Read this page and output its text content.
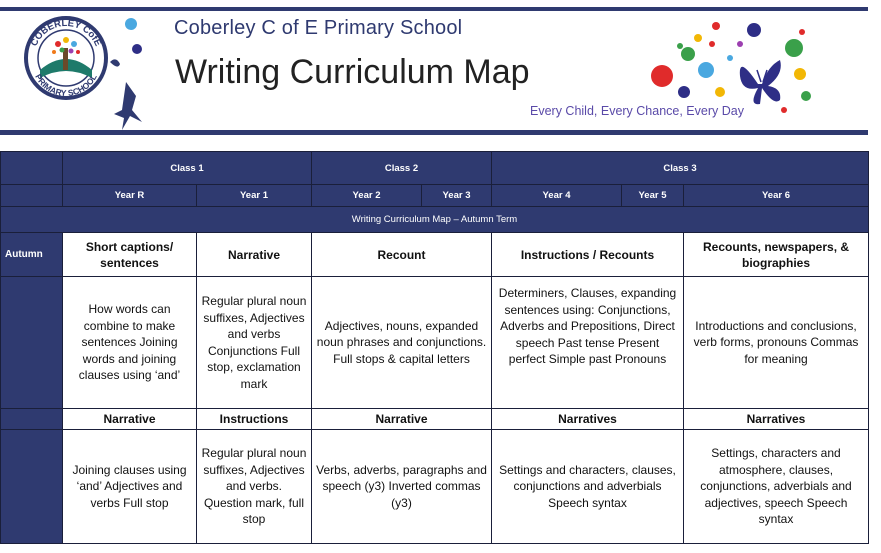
COBERLEY CofE
PRIMARY SCHOOL
Coberley C of E Primary School
Writing Curriculum Map
Every Child, Every Chance, Every Day
	Class 1		Class 2		Class 3		
	Year R	Year 1	Year 2	Year 3	Year 4	Year 5	Year 6
Writing Curriculum Map – Autumn Term							
Autumn	Short captions/ sentences	Narrative	Recount		Instructions / Recounts		Recounts, newspapers, & biographies
	How words can combine to make sentences Joining words and joining clauses using ‘and’	Regular plural noun suffixes, Adjectives and verbs Conjunctions Full stop, exclamation mark	Adjectives, nouns, expanded noun phrases and conjunctions. Full stops & capital letters		Determiners, Clauses, expanding sentences using: Conjunctions, Adverbs and Prepositions, Direct speech Past tense Present perfect Simple past Pronouns		Introductions and conclusions, verb forms, pronouns Commas for meaning
	Narrative	Instructions	Narrative		Narratives		Narratives
	Joining clauses using ‘and’ Adjectives and verbs Full stop	Regular plural noun suffixes, Adjectives and verbs. Question mark, full stop	Verbs, adverbs, paragraphs and speech (y3) Inverted commas (y3)		Settings and characters, clauses, conjunctions and adverbials Speech syntax		Settings, characters and atmosphere, clauses, conjunctions, adverbials and adjectives, speech Speech syntax
